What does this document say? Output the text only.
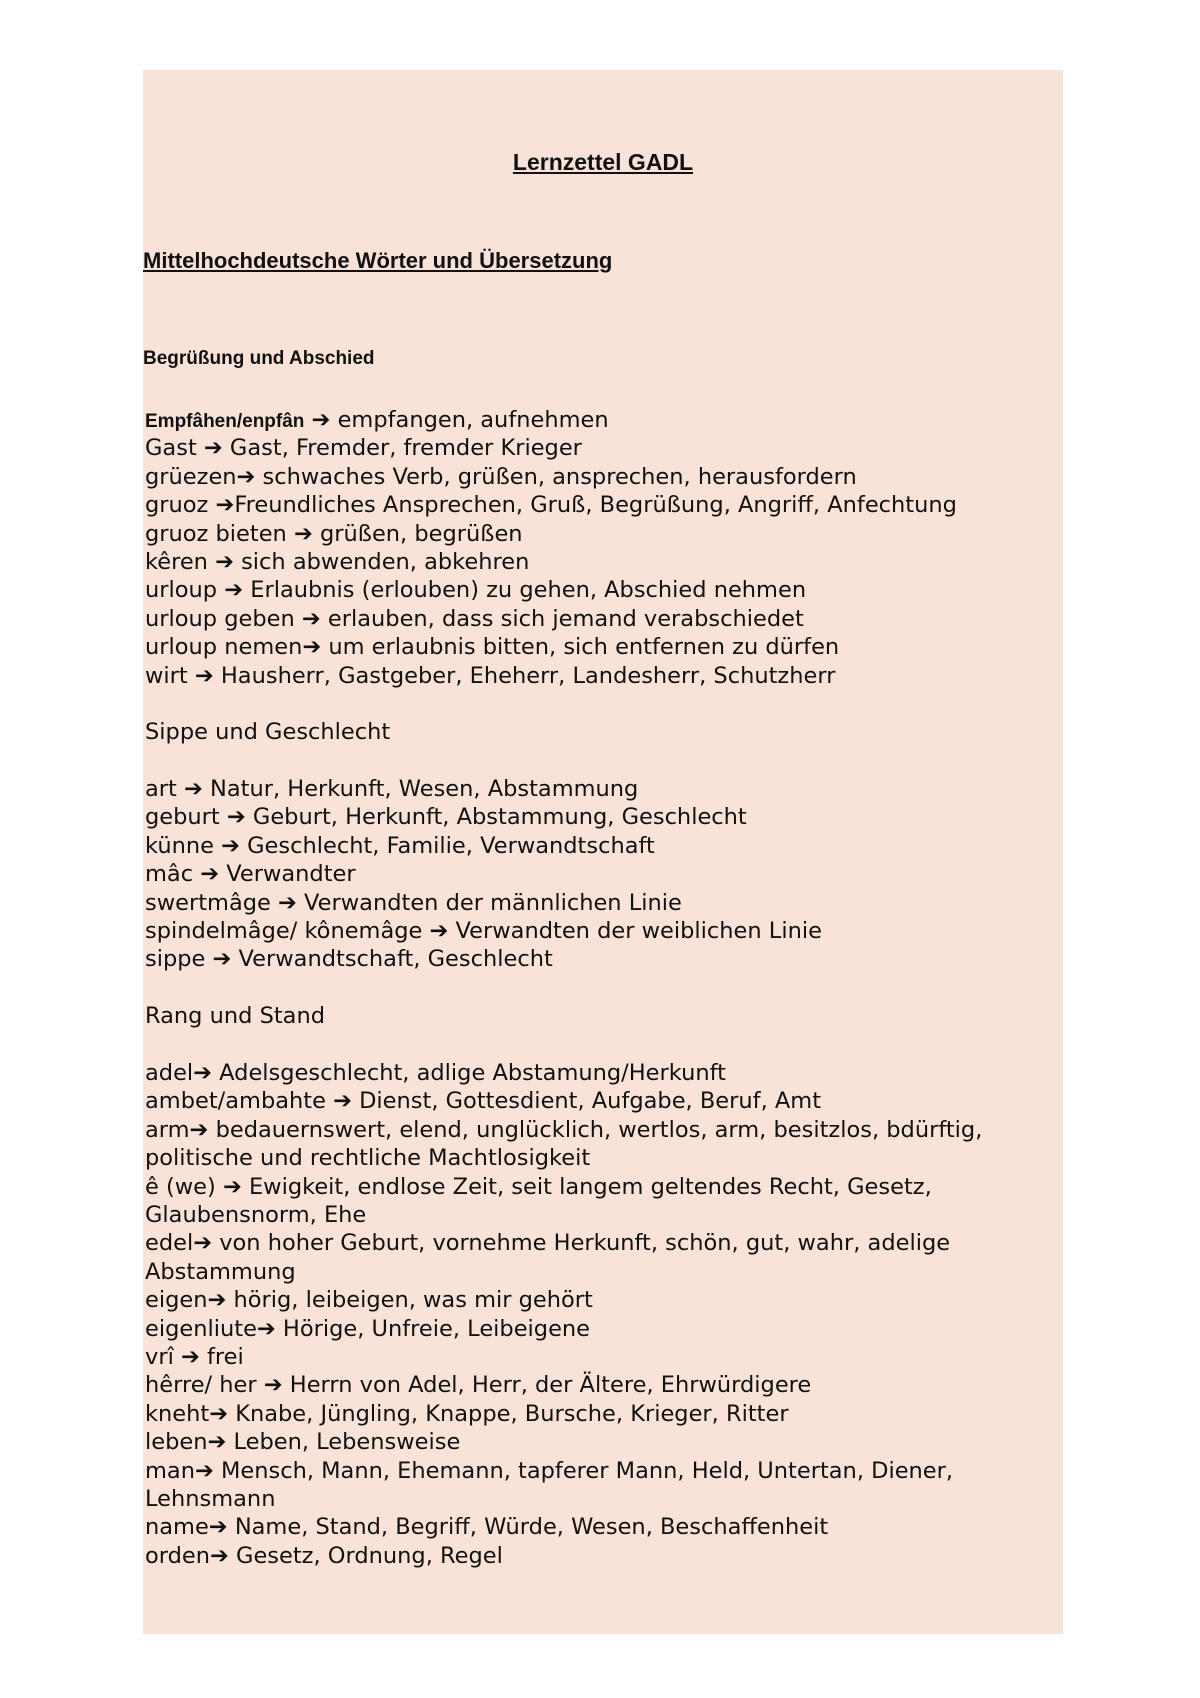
Lernzettel GADL
Mittelhochdeutsche Wörter und Übersetzung
Begrüßung und Abschied
Empfâhen/enpfân ➔ empfangen, aufnehmen
Gast ➔ Gast, Fremder, fremder Krieger
grüezen➔ schwaches Verb, grüßen, ansprechen, herausfordern
gruoz ➔Freundliches Ansprechen, Gruß, Begrüßung, Angriff, Anfechtung
gruoz bieten ➔ grüßen, begrüßen
kêren ➔ sich abwenden, abkehren
urloup ➔ Erlaubnis (erlouben) zu gehen, Abschied nehmen
urloup geben ➔ erlauben, dass sich jemand verabschiedet
urloup nemen➔ um erlaubnis bitten, sich entfernen zu dürfen
wirt ➔ Hausherr, Gastgeber, Eheherr, Landesherr, Schutzherr
Sippe und Geschlecht
art ➔ Natur, Herkunft, Wesen, Abstammung
geburt ➔ Geburt, Herkunft, Abstammung, Geschlecht
künne ➔ Geschlecht, Familie, Verwandtschaft
mâc ➔ Verwandter
swertmâge ➔ Verwandten der männlichen Linie
spindelmâge/ kônemâge ➔ Verwandten der weiblichen Linie
sippe ➔ Verwandtschaft, Geschlecht
Rang und Stand
adel➔ Adelsgeschlecht, adlige Abstamung/Herkunft
ambet/ambahte ➔ Dienst, Gottesdient, Aufgabe, Beruf, Amt
arm➔ bedauernswert, elend, unglücklich, wertlos, arm, besitzlos, bdürftig, politische und rechtliche Machtlosigkeit
ê (we) ➔ Ewigkeit, endlose Zeit, seit langem geltendes Recht, Gesetz, Glaubensnorm, Ehe
edel➔ von hoher Geburt, vornehme Herkunft, schön, gut, wahr, adelige Abstammung
eigen➔ hörig, leibeigen, was mir gehört
eigenliute➔ Hörige, Unfreie, Leibeigene
vrî ➔ frei
hêrre/ her ➔ Herrn von Adel, Herr, der Ältere, Ehrwürdigere
kneht➔ Knabe, Jüngling, Knappe, Bursche, Krieger, Ritter
leben➔ Leben, Lebensweise
man➔ Mensch, Mann, Ehemann, tapferer Mann, Held, Untertan, Diener, Lehnsmann
name➔ Name, Stand, Begriff, Würde, Wesen, Beschaffenheit
orden➔ Gesetz, Ordnung, Regel
